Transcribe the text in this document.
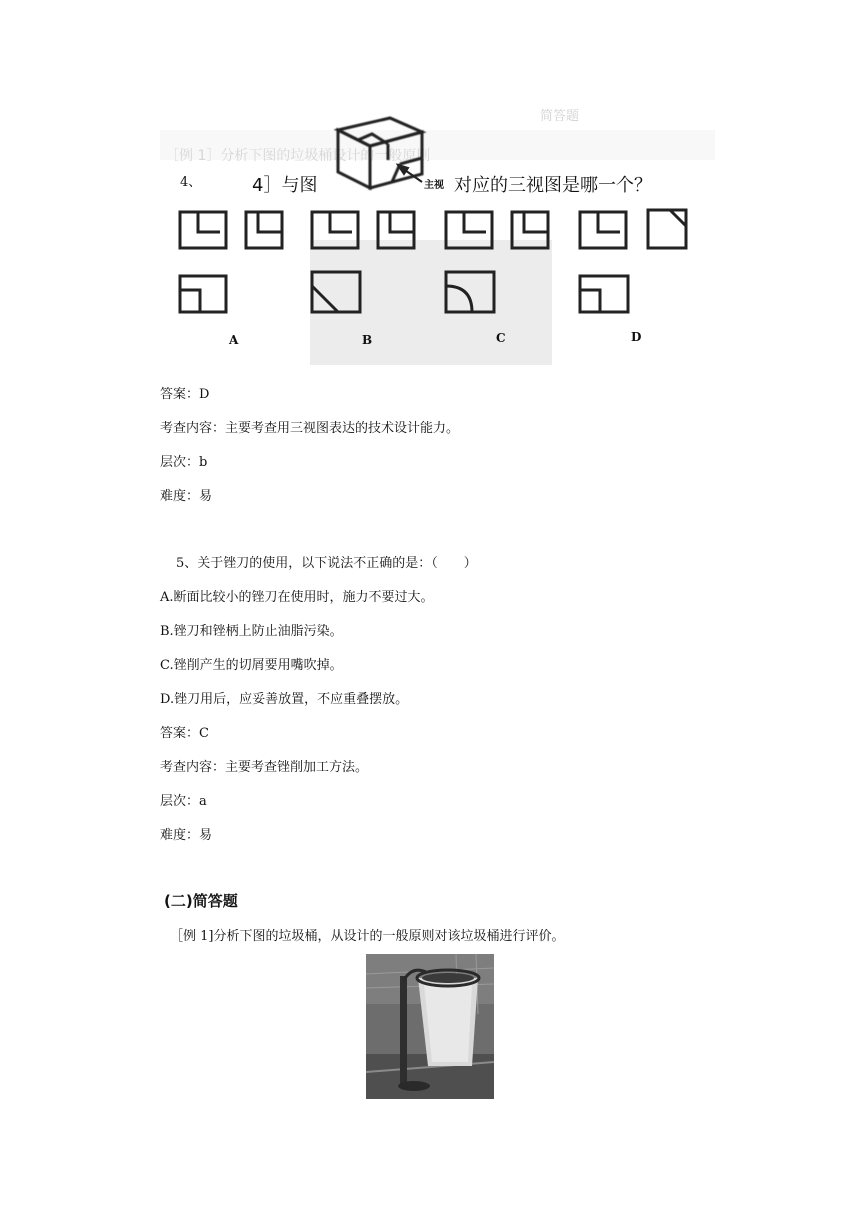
简答题
［例 1］分析下图的垃圾桶设计的一般原则
4、	4］与图	主视 对应的三视图是哪一个？
A	B	C	D
答案：D
考查内容：主要考查用三视图表达的技术设计能力。
层次：b
难度：易
5、关于锉刀的使用，以下说法不正确的是：（　　）
A.断面比较小的锉刀在使用时，施力不要过大。
B.锉刀和锉柄上防止油脂污染。
C.锉削产生的切屑要用嘴吹掉。
D.锉刀用后，应妥善放置，不应重叠摆放。
答案：C
考查内容：主要考查锉削加工方法。
层次：a
难度：易
(二)简答题
［例 1]分析下图的垃圾桶，从设计的一般原则对该垃圾桶进行评价。
